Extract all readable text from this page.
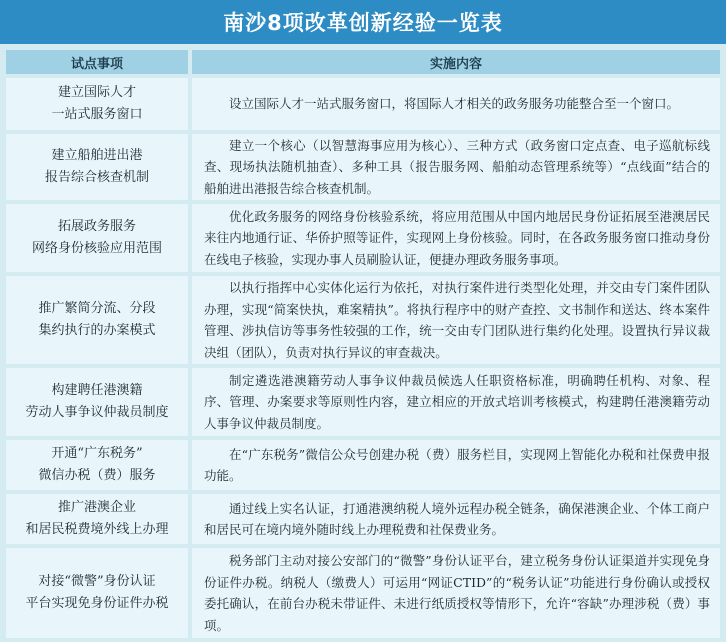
南沙8项改革创新经验一览表
试点事项	实施内容
建立国际人才
一站式服务窗口

设立国际人才一站式服务窗口，将国际人才相关的政务服务功能整合至一个窗口。

建立船舶进出港
报告综合核查机制

建立一个核心（以智慧海事应用为核心）、三种方式（政务窗口定点查、电子巡航标线查、现场执法随机抽查）、多种工具（报告服务网、船舶动态管理系统等）“点线面”结合的船舶进出港报告综合核查机制。

拓展政务服务
网络身份核验应用范围

优化政务服务的网络身份核验系统，将应用范围从中国内地居民身份证拓展至港澳居民来往内地通行证、华侨护照等证件，实现网上身份核验。同时，在各政务服务窗口推动身份在线电子核验，实现办事人员刷脸认证，便捷办理政务服务事项。

推广繁简分流、分段
集约执行的办案模式

以执行指挥中心实体化运行为依托，对执行案件进行类型化处理，并交由专门案件团队办理，实现“简案快执，难案精执”。将执行程序中的财产查控、文书制作和送达、终本案件管理、涉执信访等事务性较强的工作，统一交由专门团队进行集约化处理。设置执行异议裁决组（团队），负责对执行异议的审查裁决。

构建聘任港澳籍
劳动人事争议仲裁员制度

制定遴选港澳籍劳动人事争议仲裁员候选人任职资格标准，明确聘任机构、对象、程序、管理、办案要求等原则性内容，建立相应的开放式培训考核模式，构建聘任港澳籍劳动人事争议仲裁员制度。

开通“广东税务”
微信办税（费）服务

在“广东税务”微信公众号创建办税（费）服务栏目，实现网上智能化办税和社保费申报功能。

推广港澳企业
和居民税费境外线上办理

通过线上实名认证，打通港澳纳税人境外远程办税全链条，确保港澳企业、个体工商户和居民可在境内境外随时线上办理税费和社保费业务。

对接“微警”身份认证
平台实现免身份证件办税

税务部门主动对接公安部门的“微警”身份认证平台，建立税务身份认证渠道并实现免身份证件办税。纳税人（缴费人）可运用“网证CTID”的“税务认证”功能进行身份确认或授权委托确认，在前台办税未带证件、未进行纸质授权等情形下，允许“容缺”办理涉税（费）事项。
